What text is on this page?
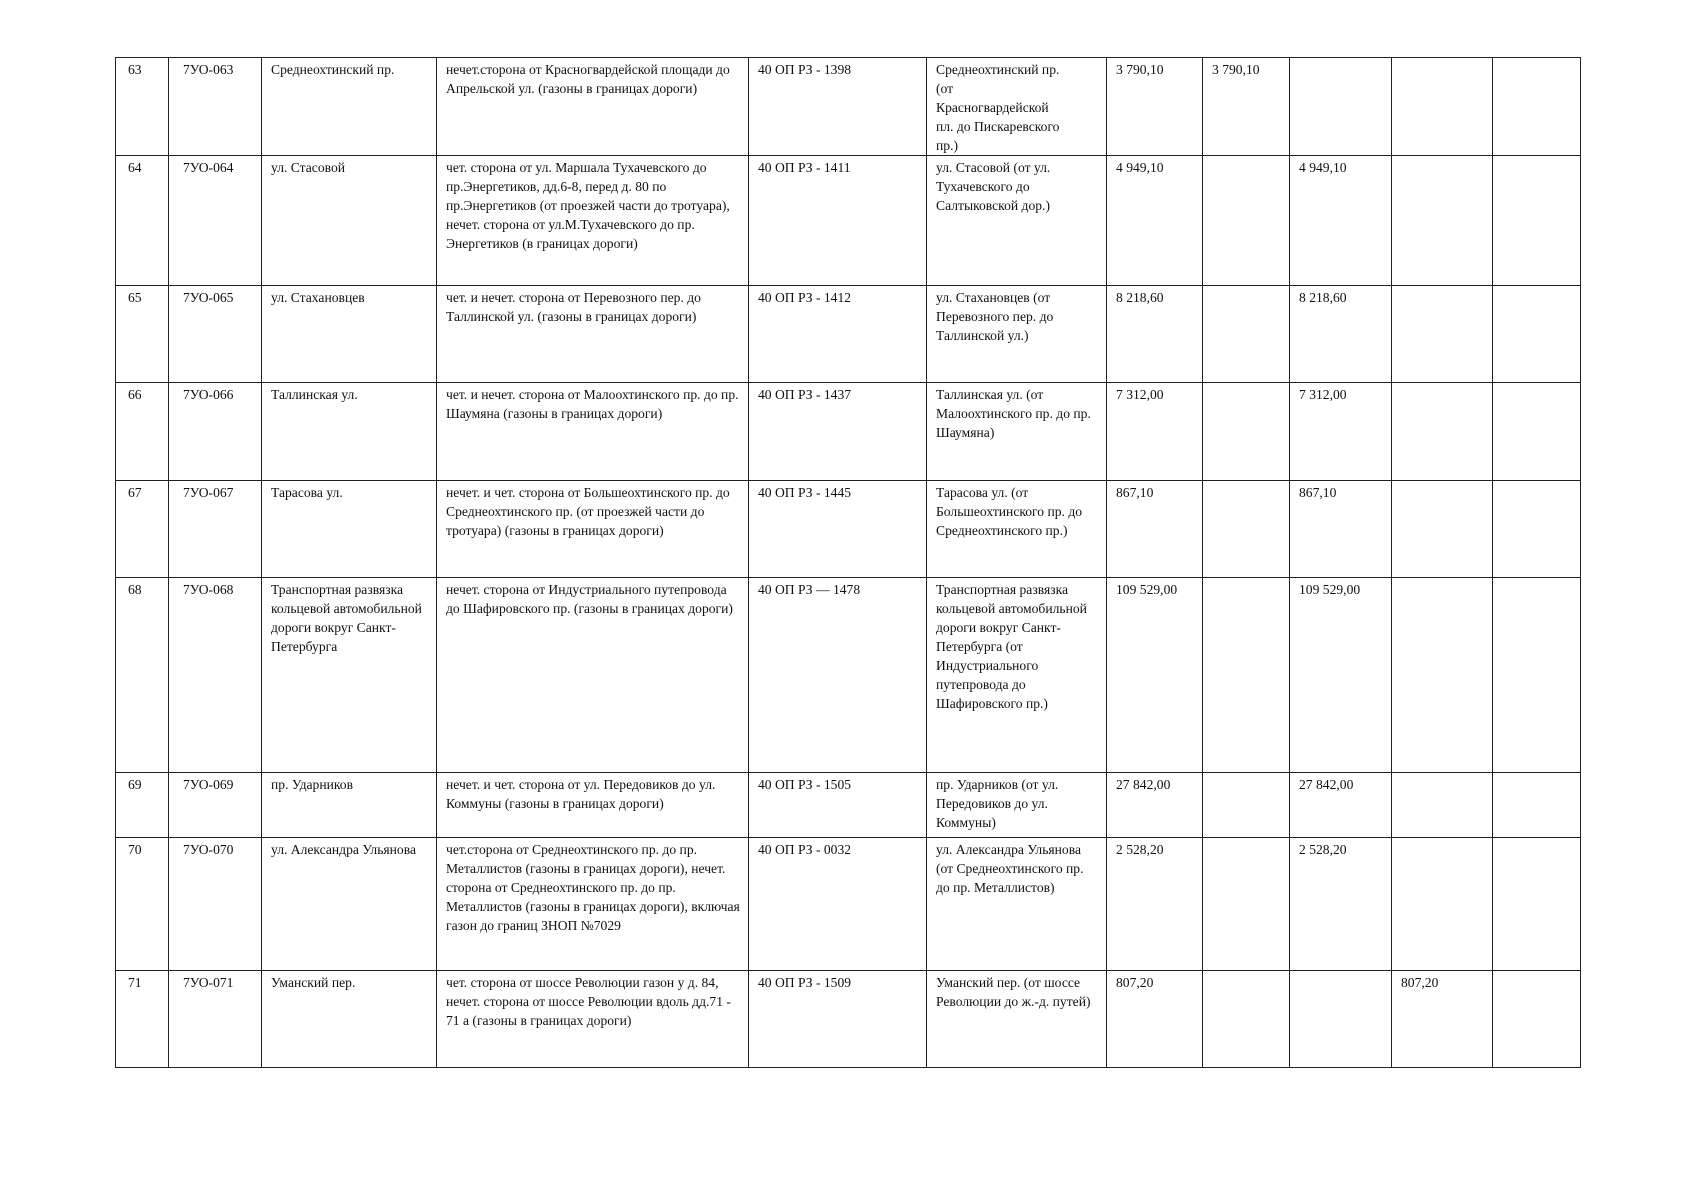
63	7УО-063	Среднеохтинский пр.	нечет.сторона от Красногвардейской площади до Апрельской ул. (газоны в границах дороги)	40 ОП РЗ - 1398	Среднеохтинский пр.
(от
Красногвардейской
пл. до Пискаревского
пр.)	3 790,10	3 790,10			
64	7УО-064	ул. Стасовой	чет. сторона от ул. Маршала Тухачевского до пр.Энергетиков, дд.6-8, перед д. 80 по пр.Энергетиков (от проезжей части до тротуара), нечет. сторона от ул.М.Тухачевского до пр. Энергетиков (в границах дороги)	40 ОП РЗ - 1411	ул. Стасовой (от ул. Тухачевского до Салтыковской дор.)	4 949,10		4 949,10		
65	7УО-065	ул. Стахановцев	чет. и нечет. сторона от Перевозного пер. до Таллинской ул. (газоны в границах дороги)	40 ОП РЗ - 1412	ул. Стахановцев (от Перевозного пер. до Таллинской ул.)	8 218,60		8 218,60		
66	7УО-066	Таллинская ул.	чет. и нечет. сторона от Малоохтинского пр. до пр. Шаумяна (газоны в границах дороги)	40 ОП РЗ - 1437	Таллинская ул. (от Малоохтинского пр. до пр. Шаумяна)	7 312,00		7 312,00		
67	7УО-067	Тарасова ул.	нечет. и чет. сторона от Большеохтинского пр. до Среднеохтинского пр. (от проезжей части до тротуара) (газоны в границах дороги)	40 ОП РЗ - 1445	Тарасова ул. (от Большеохтинского пр. до Среднеохтинского пр.)	867,10		867,10		
68	7УО-068	Транспортная развязка кольцевой автомобильной дороги вокруг Санкт-Петербурга	нечет. сторона от Индустриального путепровода до Шафировского пр. (газоны в границах дороги)	40 ОП РЗ — 1478	Транспортная развязка кольцевой автомобильной дороги вокруг Санкт-Петербурга (от Индустриального путепровода до Шафировского пр.)	109 529,00		109 529,00		
69	7УО-069	пр. Ударников	нечет. и чет. сторона от ул. Передовиков до ул. Коммуны (газоны в границах дороги)	40 ОП РЗ - 1505	пр. Ударников (от ул. Передовиков до ул. Коммуны)	27 842,00		27 842,00		
70	7УО-070	ул. Александра Ульянова	чет.сторона от Среднеохтинского пр. до пр. Металлистов (газоны в границах дороги), нечет. сторона от Среднеохтинского пр. до пр. Металлистов (газоны в границах дороги), включая газон до границ ЗНОП №7029	40 ОП РЗ - 0032	ул. Александра Ульянова (от Среднеохтинского пр. до пр. Металлистов)	2 528,20		2 528,20		
71	7УО-071	Уманский пер.	чет. сторона от шоссе Революции газон у д. 84, нечет. сторона от шоссе Революции вдоль дд.71 - 71 а (газоны в границах дороги)	40 ОП РЗ - 1509	Уманский пер. (от шоссе Революции до ж.-д. путей)	807,20			807,20	
